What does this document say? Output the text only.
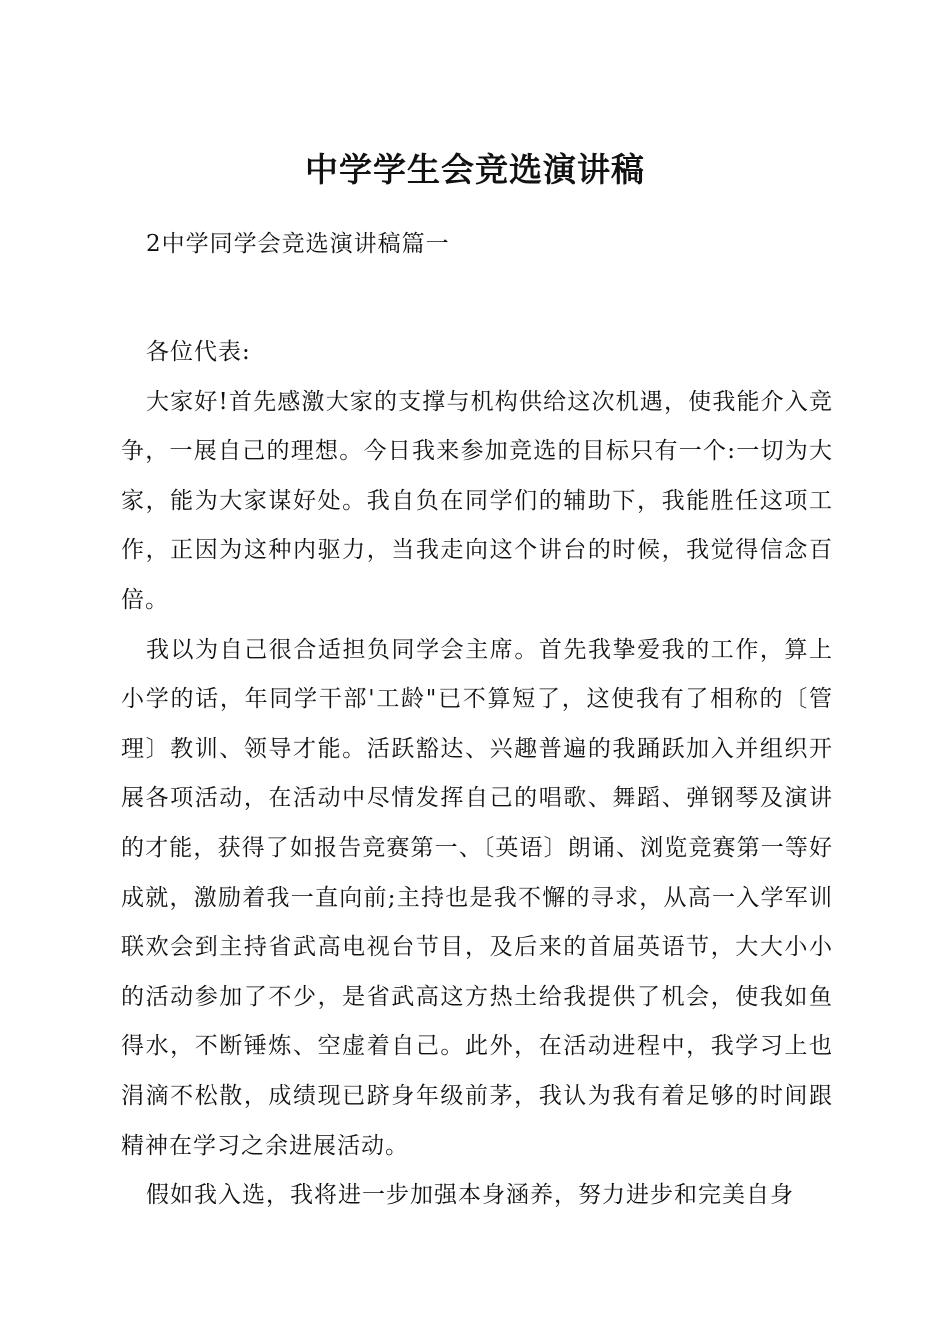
中学学生会竞选演讲稿
2中学同学会竞选演讲稿篇一

各位代表:

大家好!首先感激大家的支撑与机构供给这次机遇，使我能介入竞争，一展自己的理想。今日我来参加竞选的目标只有一个:一切为大家，能为大家谋好处。我自负在同学们的辅助下，我能胜任这项工作，正因为这种内驱力，当我走向这个讲台的时候，我觉得信念百倍。

我以为自己很合适担负同学会主席。首先我挚爱我的工作，算上小学的话，年同学干部'工龄"已不算短了，这使我有了相称的〔管理〕教训、领导才能。活跃豁达、兴趣普遍的我踊跃加入并组织开展各项活动，在活动中尽情发挥自己的唱歌、舞蹈、弹钢琴及演讲的才能，获得了如报告竞赛第一、〔英语〕朗诵、浏览竞赛第一等好成就，激励着我一直向前;主持也是我不懈的寻求，从高一入学军训联欢会到主持省武高电视台节目，及后来的首届英语节，大大小小的活动参加了不少，是省武高这方热土给我提供了机会，使我如鱼得水，不断锤炼、空虚着自己。此外，在活动进程中，我学习上也涓滴不松散，成绩现已跻身年级前茅，我认为我有着足够的时间跟精神在学习之余进展活动。

假如我入选，我将进一步加强本身涵养，努力进步和完美自身
